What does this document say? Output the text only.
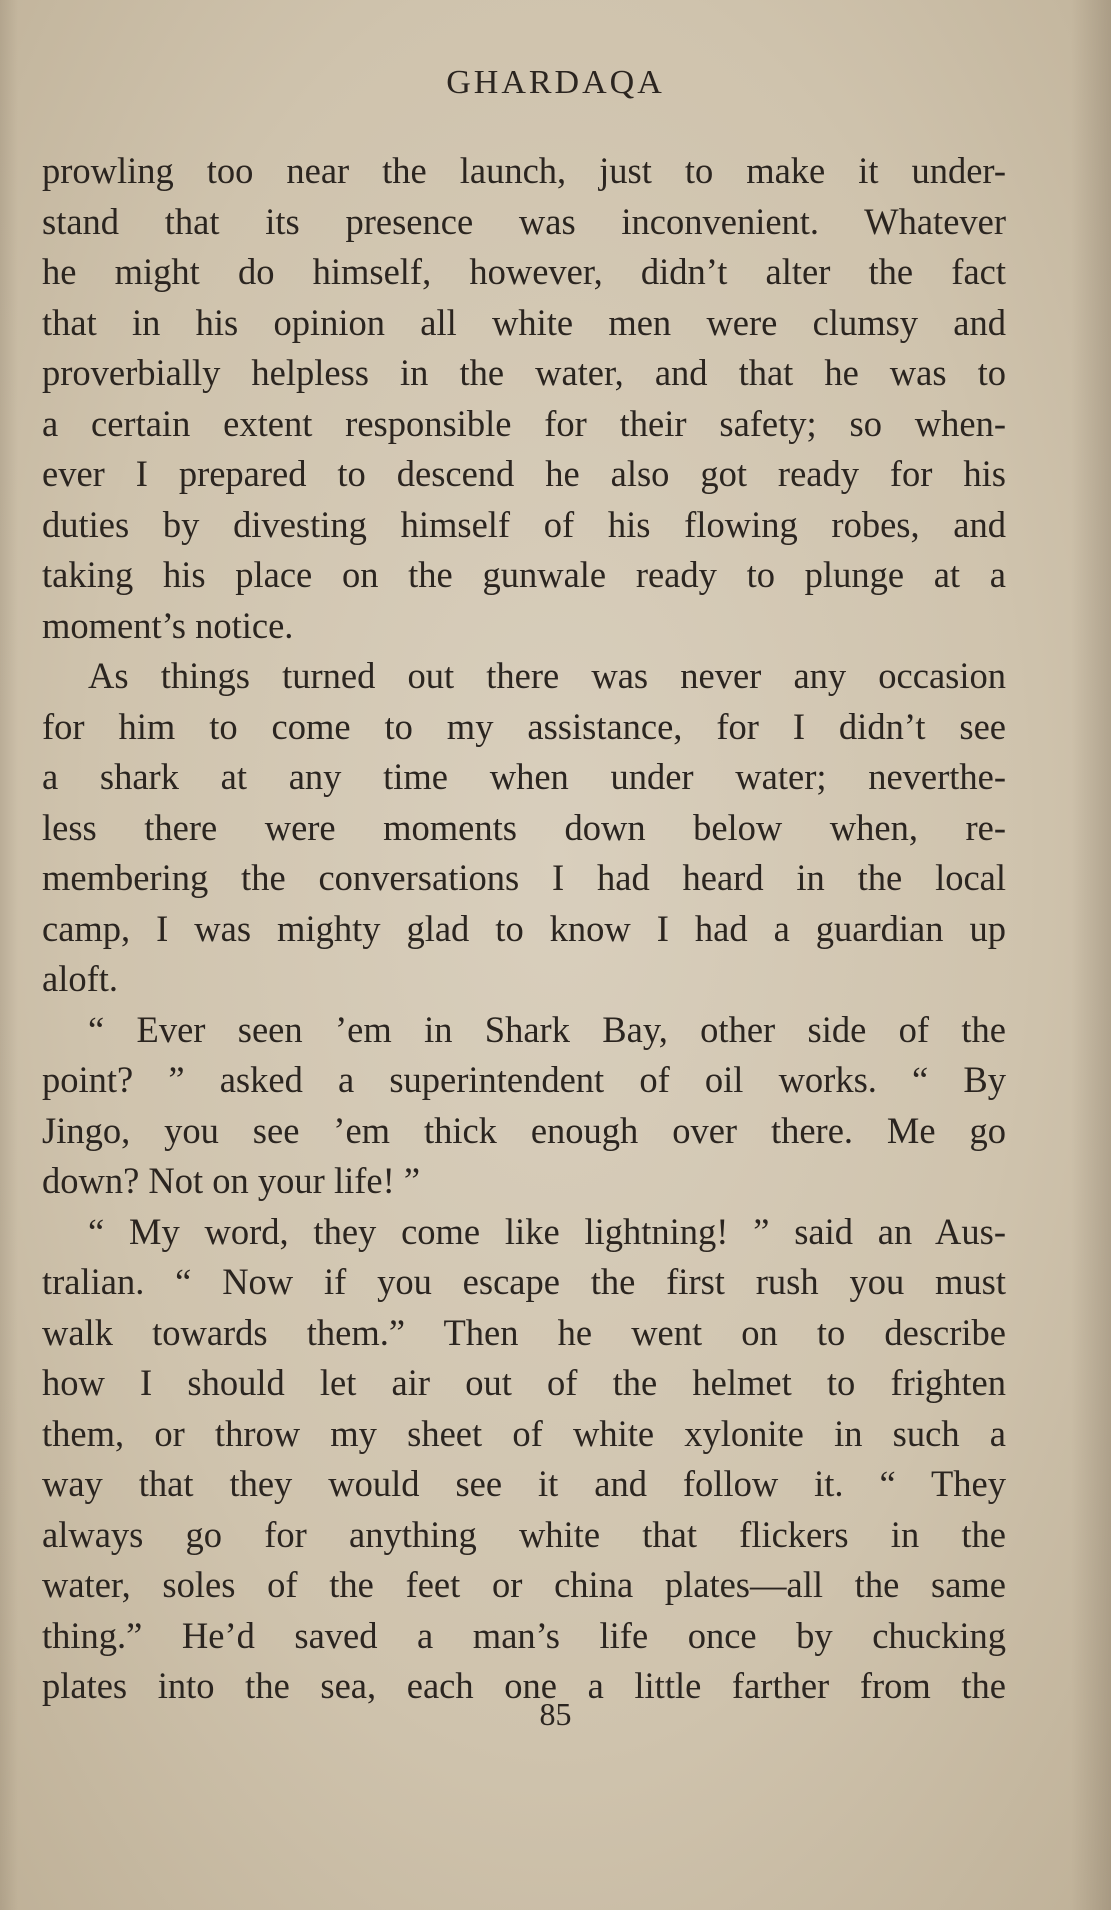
GHARDAQA
prowling too near the launch, just to make it under-
stand that its presence was inconvenient. Whatever
he might do himself, however, didn’t alter the fact
that in his opinion all white men were clumsy and
proverbially helpless in the water, and that he was to
a certain extent responsible for their safety; so when-
ever I prepared to descend he also got ready for his
duties by divesting himself of his flowing robes, and
taking his place on the gunwale ready to plunge at a
moment’s notice.
As things turned out there was never any occasion
for him to come to my assistance, for I didn’t see
a shark at any time when under water; neverthe-
less there were moments down below when, re-
membering the conversations I had heard in the local
camp, I was mighty glad to know I had a guardian up
aloft.
“ Ever seen ’em in Shark Bay, other side of the
point? ” asked a superintendent of oil works. “ By
Jingo, you see ’em thick enough over there. Me go
down? Not on your life! ”
“ My word, they come like lightning! ” said an Aus-
tralian. “ Now if you escape the first rush you must
walk towards them.” Then he went on to describe
how I should let air out of the helmet to frighten
them, or throw my sheet of white xylonite in such a
way that they would see it and follow it. “ They
always go for anything white that flickers in the
water, soles of the feet or china plates—all the same
thing.” He’d saved a man’s life once by chucking
plates into the sea, each one a little farther from the
85
